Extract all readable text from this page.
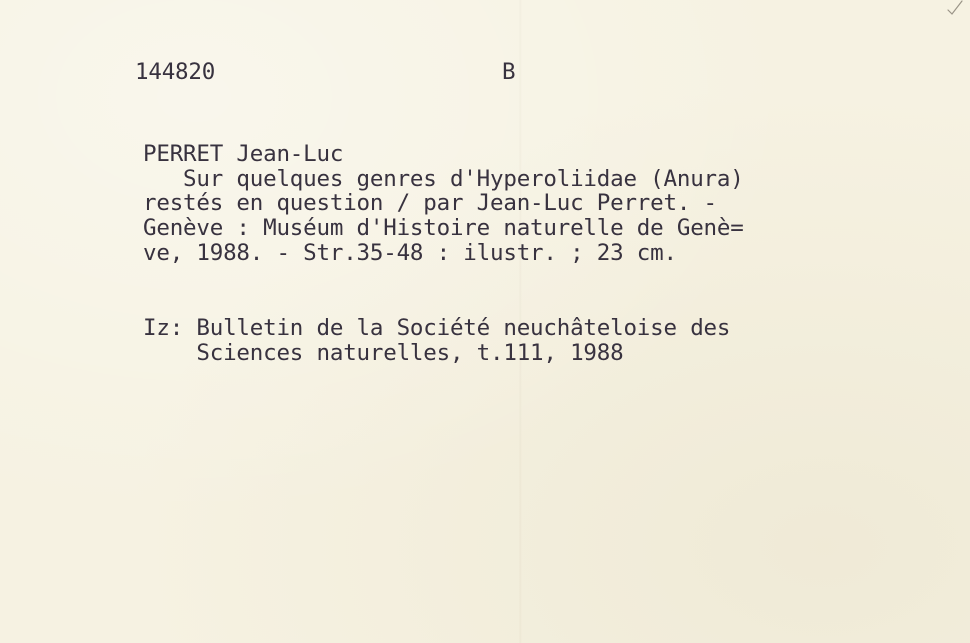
144820	B
PERRET Jean-Luc
Sur quelques genres d'Hyperoliidae (Anura)
restés en question / par Jean-Luc Perret. -
Genève : Muséum d'Histoire naturelle de Genè=
ve, 1988. - Str.35-48 : ilustr. ; 23 cm.
Iz: Bulletin de la Société neuchâteloise des
Sciences naturelles, t.111, 1988
